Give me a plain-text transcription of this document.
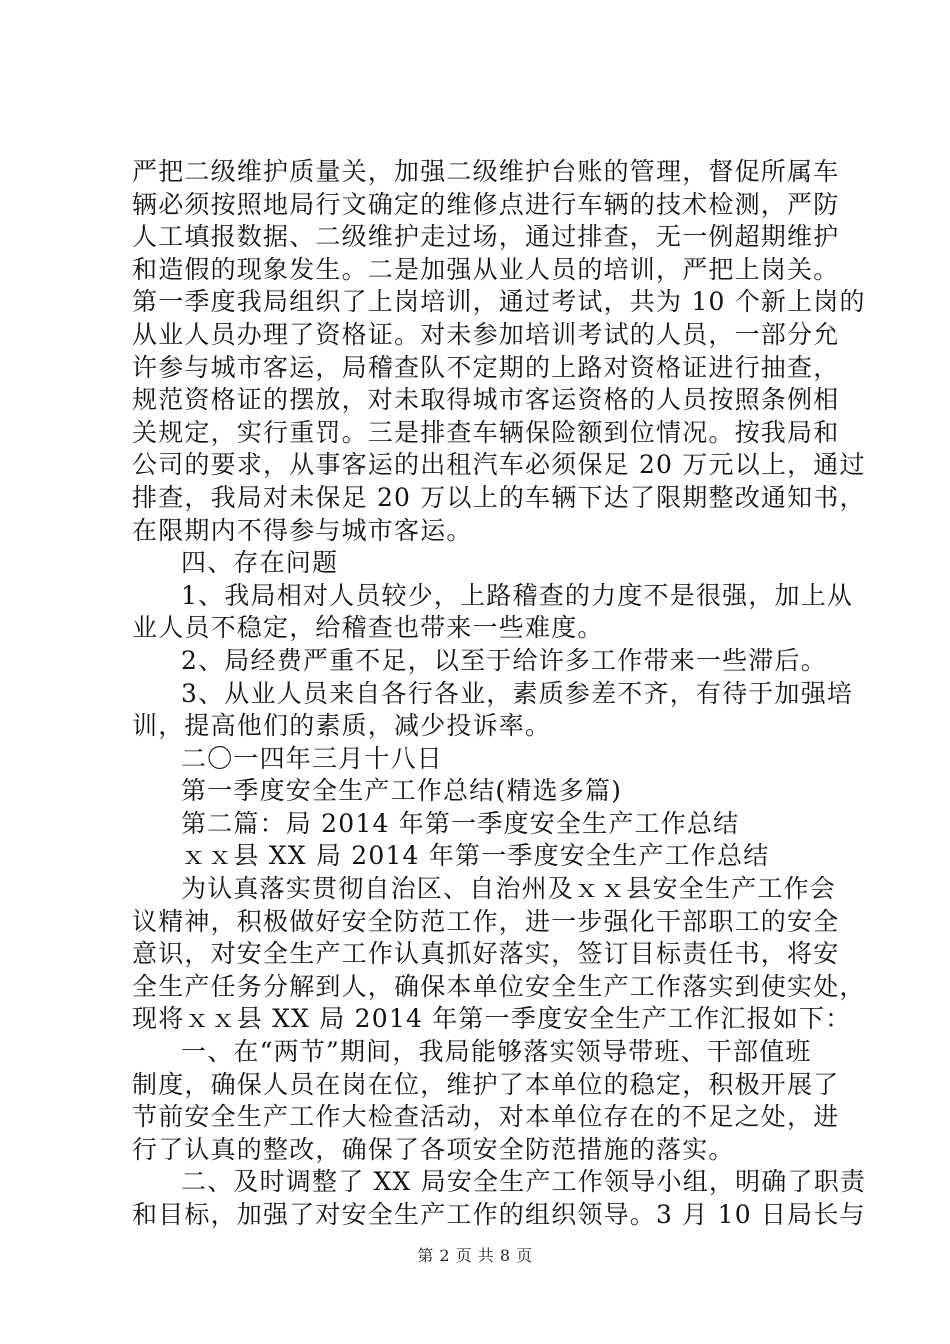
严把二级维护质量关，加强二级维护台账的管理，督促所属车
辆必须按照地局行文确定的维修点进行车辆的技术检测，严防
人工填报数据、二级维护走过场，通过排查，无一例超期维护
和造假的现象发生。二是加强从业人员的培训，严把上岗关。
第一季度我局组织了上岗培训，通过考试，共为 10 个新上岗的
从业人员办理了资格证。对未参加培训考试的人员，一部分允
许参与城市客运，局稽查队不定期的上路对资格证进行抽查，
规范资格证的摆放，对未取得城市客运资格的人员按照条例相
关规定，实行重罚。三是排查车辆保险额到位情况。按我局和
公司的要求，从事客运的出租汽车必须保足 20 万元以上，通过
排查，我局对未保足 20 万以上的车辆下达了限期整改通知书，
在限期内不得参与城市客运。
四、存在问题
1、我局相对人员较少，上路稽查的力度不是很强，加上从
业人员不稳定，给稽查也带来一些难度。
2、局经费严重不足，以至于给许多工作带来一些滞后。
3、从业人员来自各行各业，素质参差不齐，有待于加强培
训，提高他们的素质，减少投诉率。
二〇一四年三月十八日
第一季度安全生产工作总结(精选多篇)
第二篇：局 2014 年第一季度安全生产工作总结
ｘｘ县 XX 局 2014 年第一季度安全生产工作总结
为认真落实贯彻自治区、自治州及ｘｘ县安全生产工作会
议精神，积极做好安全防范工作，进一步强化干部职工的安全
意识，对安全生产工作认真抓好落实，签订目标责任书，将安
全生产任务分解到人，确保本单位安全生产工作落实到使实处，
现将ｘｘ县 XX 局 2014 年第一季度安全生产工作汇报如下：
一、在“两节”期间，我局能够落实领导带班、干部值班
制度，确保人员在岗在位，维护了本单位的稳定，积极开展了
节前安全生产工作大检查活动，对本单位存在的不足之处，进
行了认真的整改，确保了各项安全防范措施的落实。
二、及时调整了 XX 局安全生产工作领导小组，明确了职责
和目标，加强了对安全生产工作的组织领导。3 月 10 日局长与
第 2 页 共 8 页
